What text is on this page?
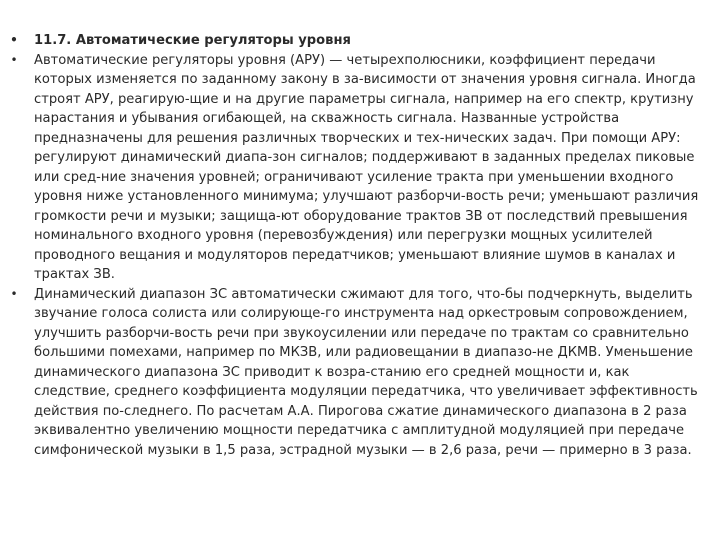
• 11.7. Автоматические регуляторы уровня
• Автоматические регуляторы уровня (АРУ) — четырехполюсники, коэффициент передачи которых изменяется по заданному закону в за-висимости от значения уровня сигнала. Иногда строят АРУ, реагирую-щие и на другие параметры сигнала, например на его спектр, крутизну нарастания и убывания огибающей, на скважность сигнала. Названные устройства предназначены для решения различных творческих и тех-нических задач. При помощи АРУ: регулируют динамический диапа-зон сигналов; поддерживают в заданных пределах пиковые или сред-ние значения уровней; ограничивают усиление тракта при уменьшении входного уровня ниже установленного минимума; улучшают разборчи-вость речи; уменьшают различия громкости речи и музыки; защища-ют оборудование трактов ЗВ от последствий превышения номинального входного уровня (перевозбуждения) или перегрузки мощных усилителей проводного вещания и модуляторов передатчиков; уменьшают влияние шумов в каналах и трактах ЗВ.
• Динамический диапазон ЗС автоматически сжимают для того, что-бы подчеркнуть, выделить звучание голоса солиста или солирующе-го инструмента над оркестровым сопровождением, улучшить разборчи-вость речи при звукоусилении или передаче по трактам со сравнительно большими помехами, например по МКЗВ, или радиовещании в диапазо-не ДКМВ. Уменьшение динамического диапазона ЗС приводит к возра-станию его средней мощности и, как следствие, среднего коэффициента модуляции передатчика, что увеличивает эффективность действия по-следнего. По расчетам А.А. Пирогова сжатие динамического диапазона в 2 раза эквивалентно увеличению мощности передатчика с амплитудной модуляцией при передаче симфонической музыки в 1,5 раза, эстрадной музыки — в 2,6 раза, речи — примерно в 3 раза.
